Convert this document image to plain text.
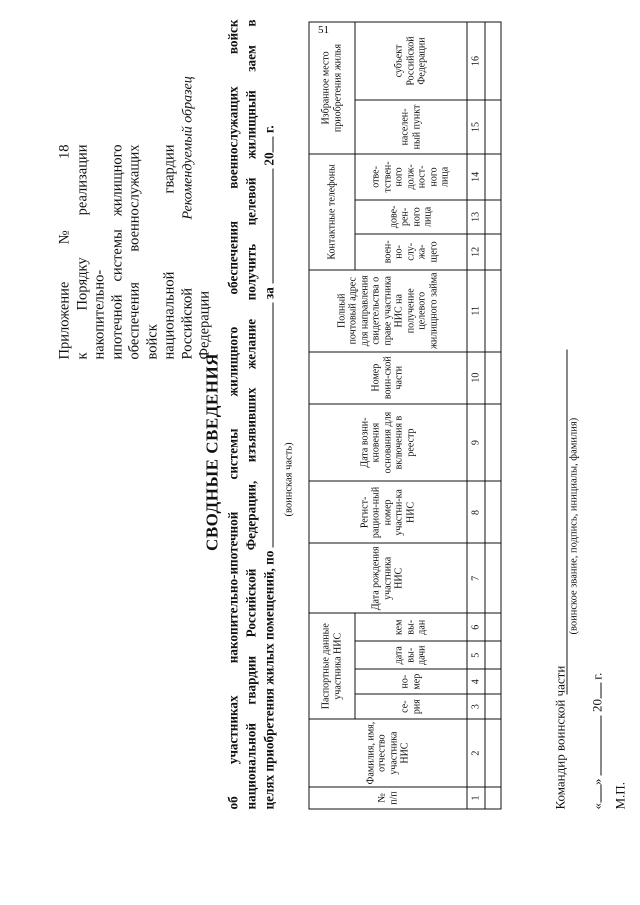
51
Приложение № 18 к Порядку реализации накопительно- ипотечной системы жилищного обеспечения военнослужащих войск национальной гвардии Российской Федерации
Рекомендуемый образец
СВОДНЫЕ СВЕДЕНИЯ об участниках накопительно-ипотечной системы жилищного обеспечения военнослужащих войск национальной гвардии Российской Федерации, изъявивших желание получить целевой жилищный заем в целях приобретения жилых помещений, по  за  20 г.
(воинская часть)
№ п/п	Фамилия, имя, отчество участника НИС	Паспортные данные участника НИС				Дата рождения участника НИС	Регист-рацион-ный номер участни-ка НИС	Дата возни-кновения основания для включения в реестр	Номер воин-ской части	Полный почтовый адрес для направления свидетельства о праве участника НИС на получение целевого жилищного займа	Контактные телефоны			Избранное место приобретения жилья	
		се-рия	но-мер	дата вы-дачи	кем вы-дан						воен-но-слу-жа-щего	дове-рен-ного лица	отве-тствен-ного долж-ност-ного лица	населен-ный пункт	субъект Российской Федерации
1	2	3	4	5	6	7	8	9	10	11	12	13	14	15	16

Командир воинской части
(воинское звание, подпись, инициалы, фамилия)
«»  20 г.
М.П.
